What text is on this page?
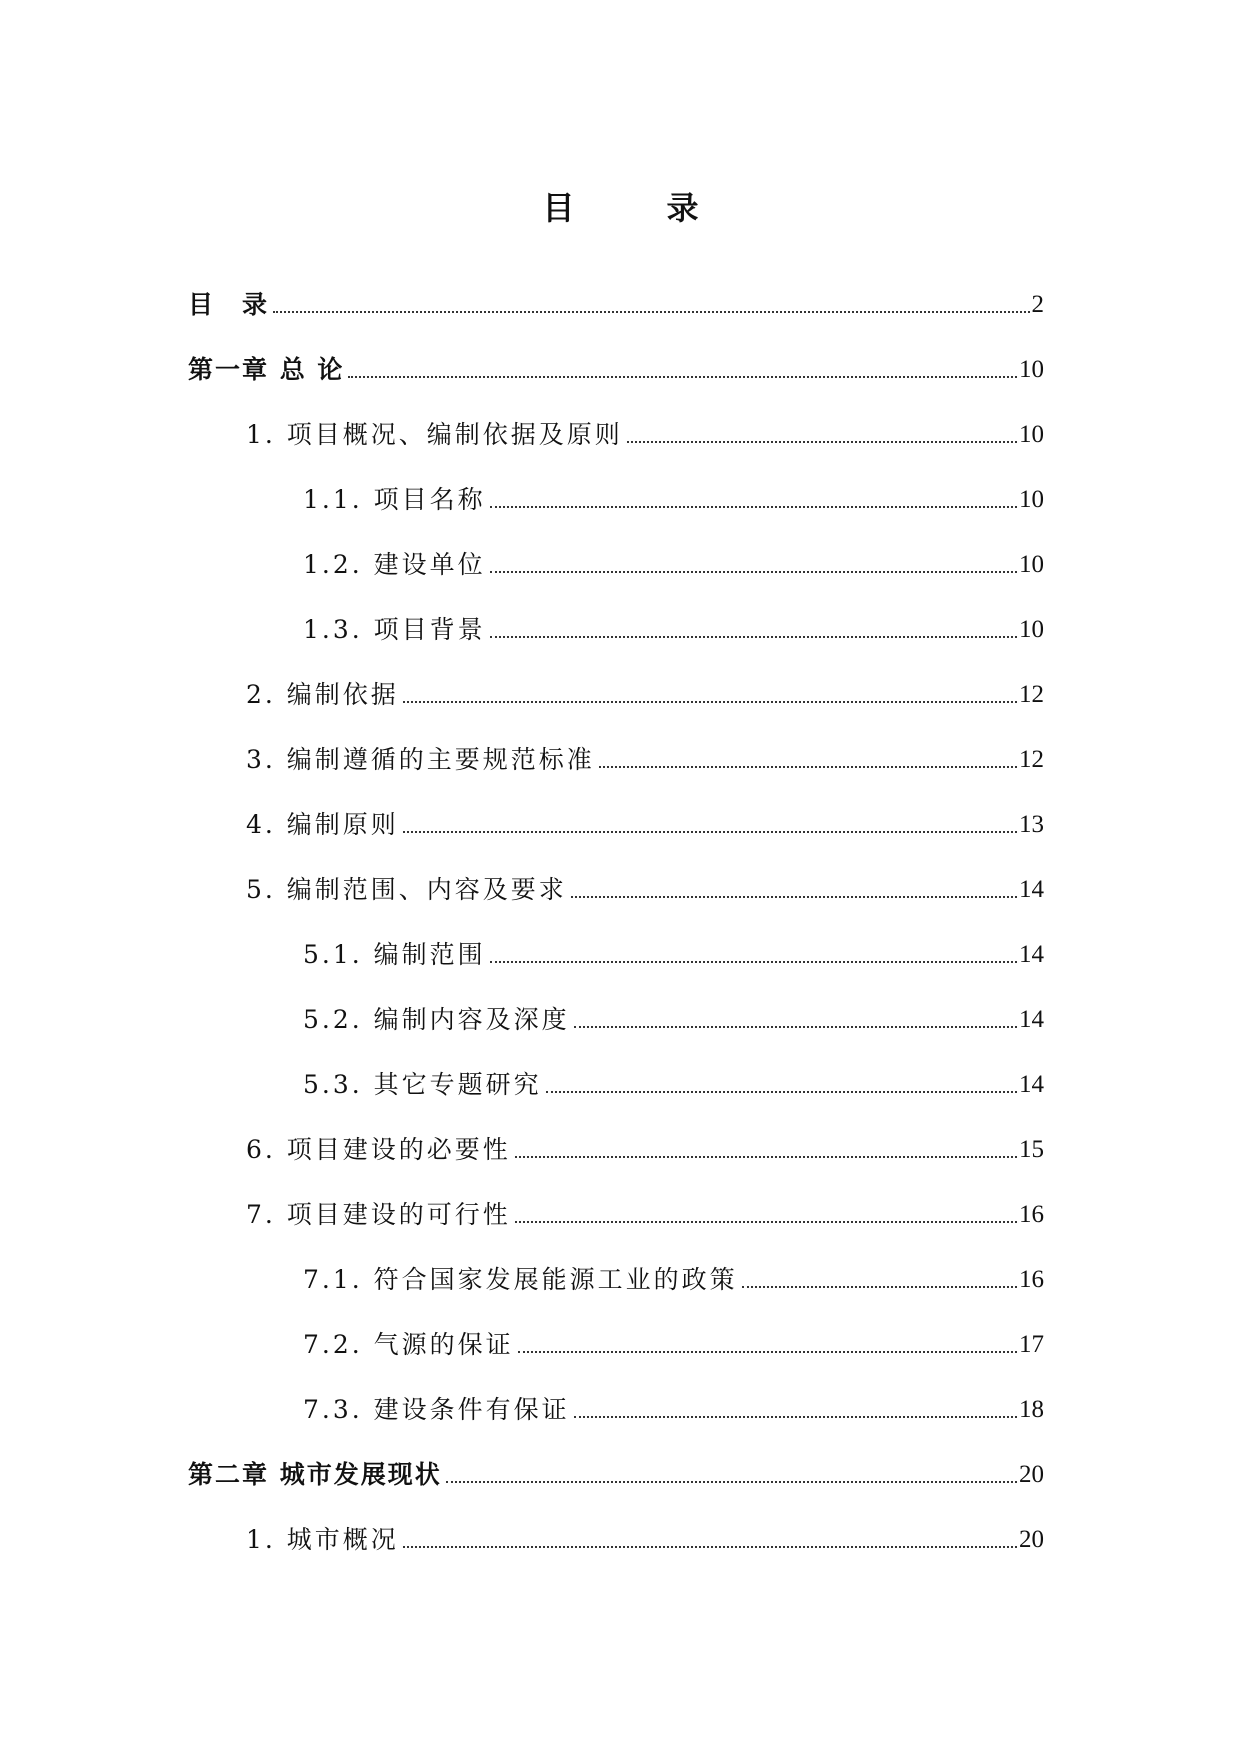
目　录
目　录	2
第一章 总 论	10
1. 项目概况、编制依据及原则	10
1.1. 项目名称	10
1.2. 建设单位	10
1.3. 项目背景	10
2. 编制依据	12
3. 编制遵循的主要规范标准	12
4. 编制原则	13
5. 编制范围、内容及要求	14
5.1. 编制范围	14
5.2. 编制内容及深度	14
5.3. 其它专题研究	14
6. 项目建设的必要性	15
7. 项目建设的可行性	16
7.1. 符合国家发展能源工业的政策	16
7.2. 气源的保证	17
7.3. 建设条件有保证	18
第二章 城市发展现状	20
1. 城市概况	20
